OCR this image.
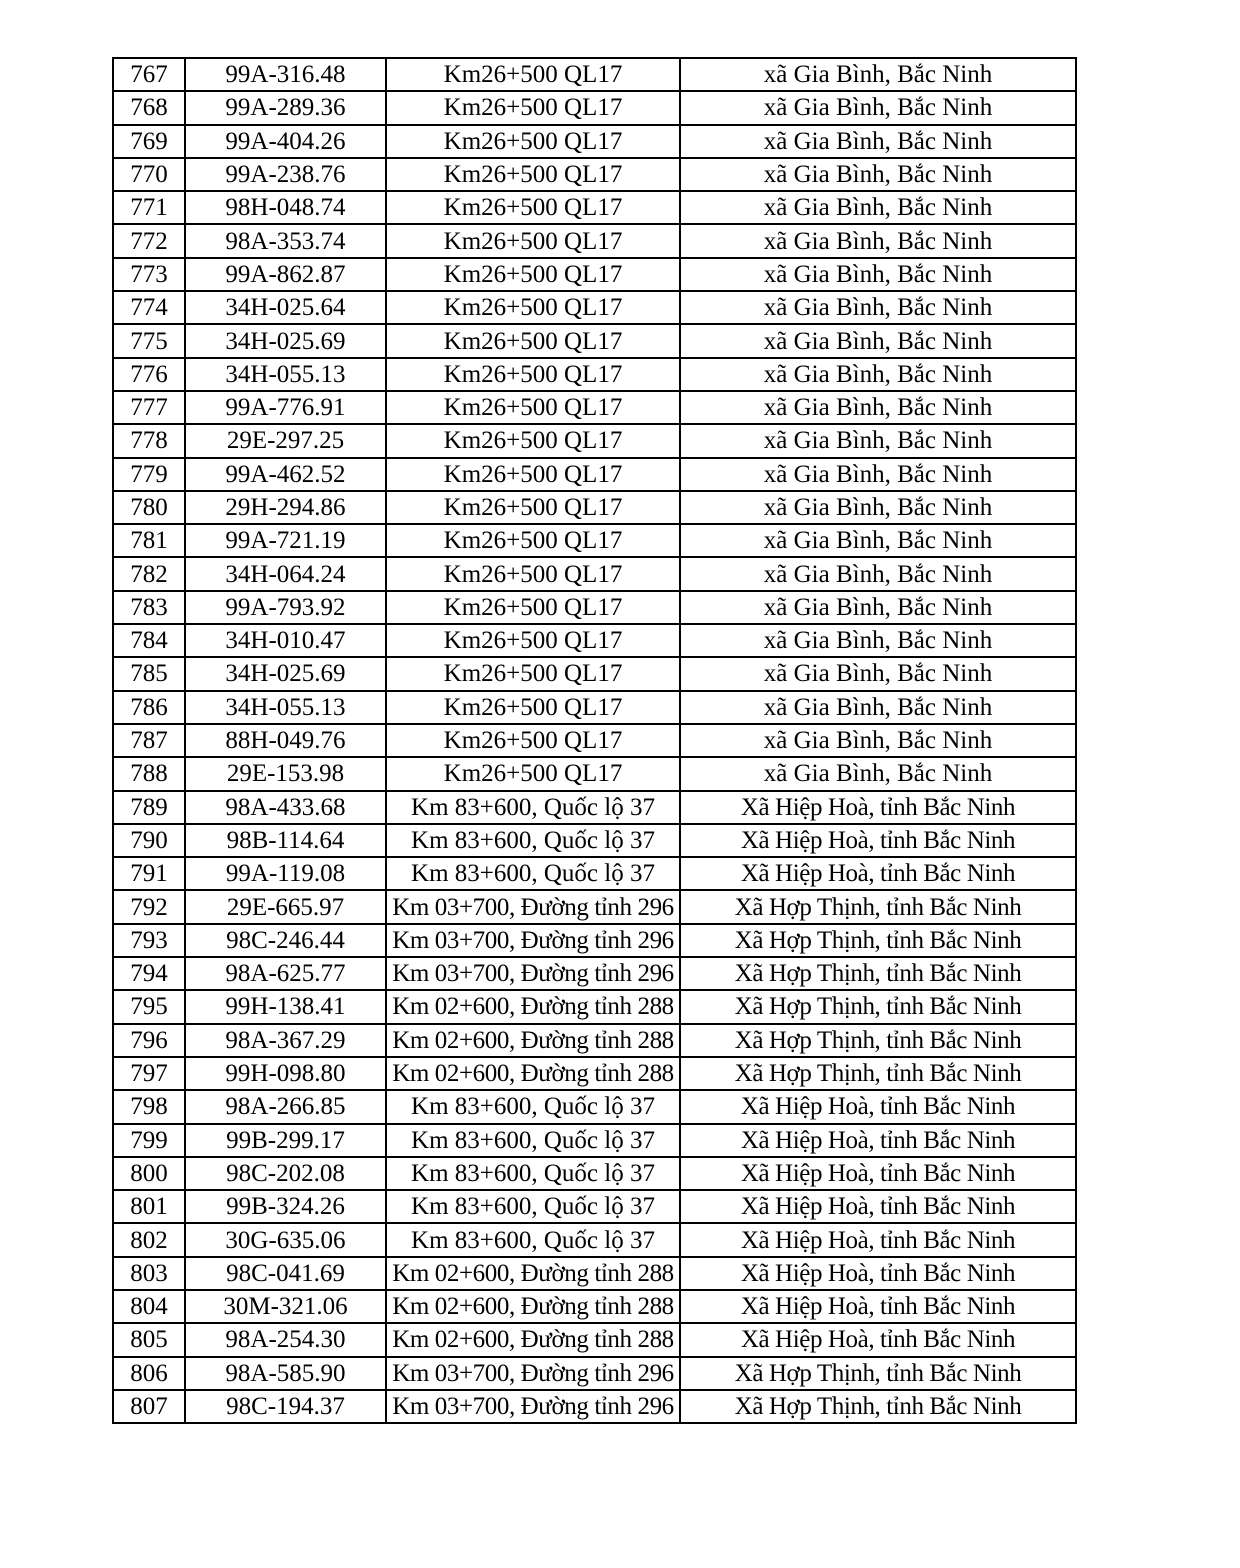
767	99A-316.48	Km26+500 QL17	xã Gia Bình, Bắc Ninh
768	99A-289.36	Km26+500 QL17	xã Gia Bình, Bắc Ninh
769	99A-404.26	Km26+500 QL17	xã Gia Bình, Bắc Ninh
770	99A-238.76	Km26+500 QL17	xã Gia Bình, Bắc Ninh
771	98H-048.74	Km26+500 QL17	xã Gia Bình, Bắc Ninh
772	98A-353.74	Km26+500 QL17	xã Gia Bình, Bắc Ninh
773	99A-862.87	Km26+500 QL17	xã Gia Bình, Bắc Ninh
774	34H-025.64	Km26+500 QL17	xã Gia Bình, Bắc Ninh
775	34H-025.69	Km26+500 QL17	xã Gia Bình, Bắc Ninh
776	34H-055.13	Km26+500 QL17	xã Gia Bình, Bắc Ninh
777	99A-776.91	Km26+500 QL17	xã Gia Bình, Bắc Ninh
778	29E-297.25	Km26+500 QL17	xã Gia Bình, Bắc Ninh
779	99A-462.52	Km26+500 QL17	xã Gia Bình, Bắc Ninh
780	29H-294.86	Km26+500 QL17	xã Gia Bình, Bắc Ninh
781	99A-721.19	Km26+500 QL17	xã Gia Bình, Bắc Ninh
782	34H-064.24	Km26+500 QL17	xã Gia Bình, Bắc Ninh
783	99A-793.92	Km26+500 QL17	xã Gia Bình, Bắc Ninh
784	34H-010.47	Km26+500 QL17	xã Gia Bình, Bắc Ninh
785	34H-025.69	Km26+500 QL17	xã Gia Bình, Bắc Ninh
786	34H-055.13	Km26+500 QL17	xã Gia Bình, Bắc Ninh
787	88H-049.76	Km26+500 QL17	xã Gia Bình, Bắc Ninh
788	29E-153.98	Km26+500 QL17	xã Gia Bình, Bắc Ninh
789	98A-433.68	Km 83+600, Quốc lộ 37	Xã Hiệp Hoà, tỉnh Bắc Ninh
790	98B-114.64	Km 83+600, Quốc lộ 37	Xã Hiệp Hoà, tỉnh Bắc Ninh
791	99A-119.08	Km 83+600, Quốc lộ 37	Xã Hiệp Hoà, tỉnh Bắc Ninh
792	29E-665.97	Km 03+700, Đường tỉnh 296	Xã Hợp Thịnh, tỉnh Bắc Ninh
793	98C-246.44	Km 03+700, Đường tỉnh 296	Xã Hợp Thịnh, tỉnh Bắc Ninh
794	98A-625.77	Km 03+700, Đường tỉnh 296	Xã Hợp Thịnh, tỉnh Bắc Ninh
795	99H-138.41	Km 02+600, Đường tỉnh 288	Xã Hợp Thịnh, tỉnh Bắc Ninh
796	98A-367.29	Km 02+600, Đường tỉnh 288	Xã Hợp Thịnh, tỉnh Bắc Ninh
797	99H-098.80	Km 02+600, Đường tỉnh 288	Xã Hợp Thịnh, tỉnh Bắc Ninh
798	98A-266.85	Km 83+600, Quốc lộ 37	Xã Hiệp Hoà, tỉnh Bắc Ninh
799	99B-299.17	Km 83+600, Quốc lộ 37	Xã Hiệp Hoà, tỉnh Bắc Ninh
800	98C-202.08	Km 83+600, Quốc lộ 37	Xã Hiệp Hoà, tỉnh Bắc Ninh
801	99B-324.26	Km 83+600, Quốc lộ 37	Xã Hiệp Hoà, tỉnh Bắc Ninh
802	30G-635.06	Km 83+600, Quốc lộ 37	Xã Hiệp Hoà, tỉnh Bắc Ninh
803	98C-041.69	Km 02+600, Đường tỉnh 288	Xã Hiệp Hoà, tỉnh Bắc Ninh
804	30M-321.06	Km 02+600, Đường tỉnh 288	Xã Hiệp Hoà, tỉnh Bắc Ninh
805	98A-254.30	Km 02+600, Đường tỉnh 288	Xã Hiệp Hoà, tỉnh Bắc Ninh
806	98A-585.90	Km 03+700, Đường tỉnh 296	Xã Hợp Thịnh, tỉnh Bắc Ninh
807	98C-194.37	Km 03+700, Đường tỉnh 296	Xã Hợp Thịnh, tỉnh Bắc Ninh
